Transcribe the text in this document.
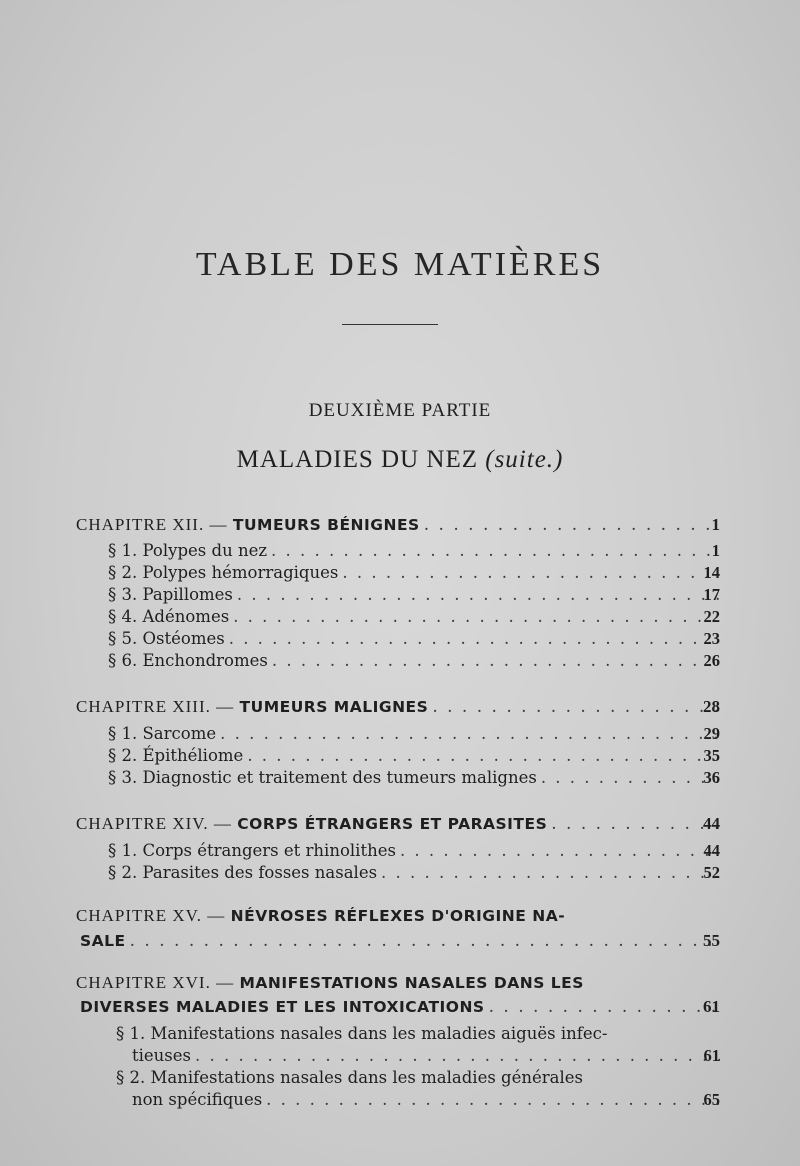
TABLE DES MATIÈRES
DEUXIÈME PARTIE
MALADIES DU NEZ (suite.)
CHAPITRE XII. — TUMEURS BÉNIGNES . . .	1
§ 1. Polypes du nez . . .	1
§ 2. Polypes hémorragiques . . .	14
§ 3. Papillomes . . .	17
§ 4. Adénomes . . .	22
§ 5. Ostéomes . . .	23
§ 6. Enchondromes . . .	26
CHAPITRE XIII. — TUMEURS MALIGNES . . .	28
§ 1. Sarcome . . .	29
§ 2. Épithéliome . . .	35
§ 3. Diagnostic et traitement des tumeurs malignes . . .	36
CHAPITRE XIV. — CORPS ÉTRANGERS ET PARASITES . . .	44
§ 1. Corps étrangers et rhinolithes . . .	44
§ 2. Parasites des fosses nasales . . .	52
CHAPITRE XV. — NÉVROSES RÉFLEXES D'ORIGINE NA-
SALE . . .	55
CHAPITRE XVI. — MANIFESTATIONS NASALES DANS LES
DIVERSES MALADIES ET LES INTOXICATIONS . . .	61
§ 1. Manifestations nasales dans les maladies aiguës infec-
tieuses . . .	61
§ 2. Manifestations nasales dans les maladies générales
non spécifiques . . .	65
